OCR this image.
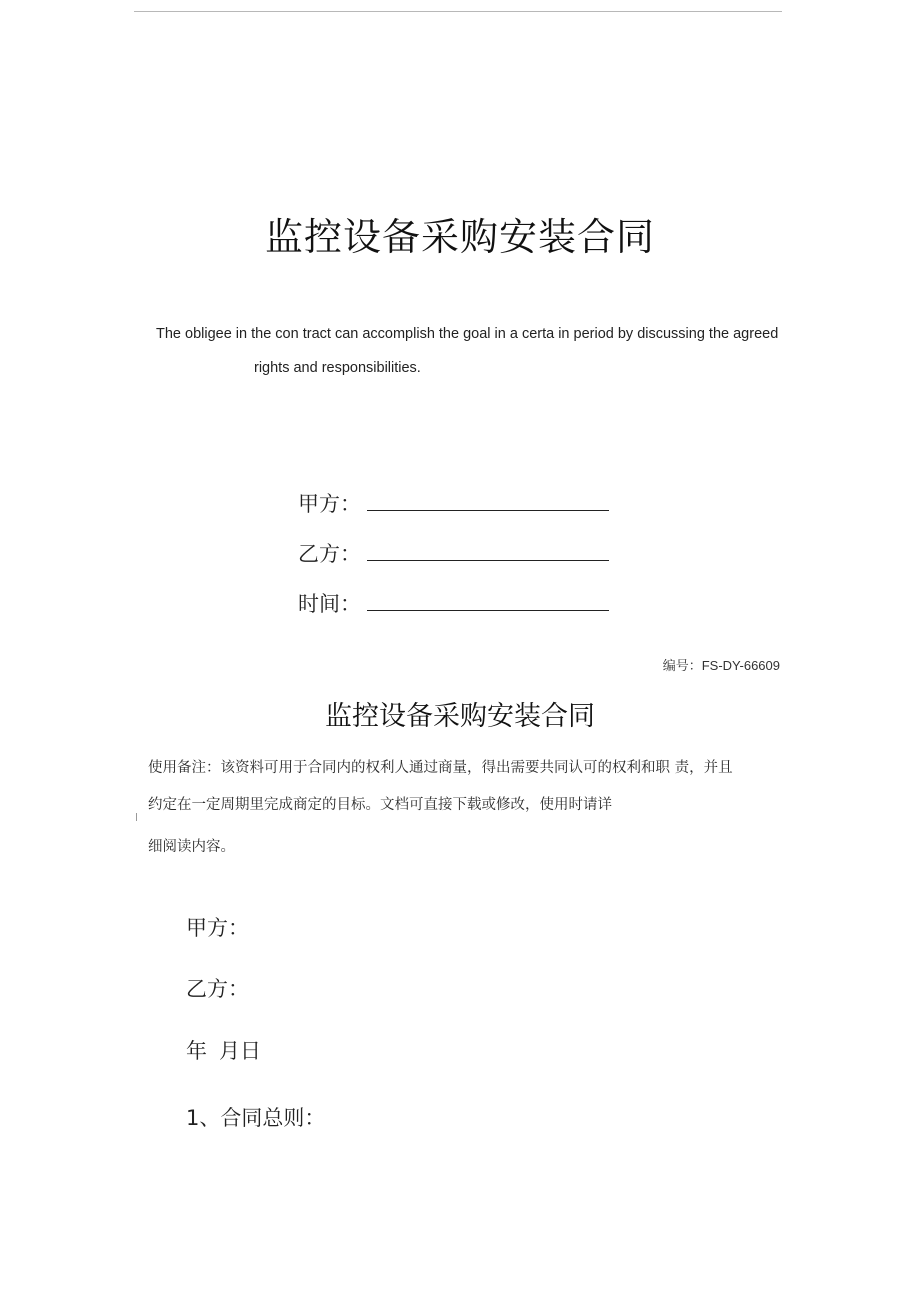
监控设备采购安装合同
The obligee in the con tract can accomplish the goal in a certa in period by discussing the agreed
rights and responsibilities.
甲方：
乙方：
时间：
编号：FS-DY-66609
监控设备采购安装合同
使用备注：该资料可用于合同内的权利人通过商量，得出需要共同认可的权利和职 责，并且
约定在一定周期里完成商定的目标。文档可直接下载或修改，使用时请详
细阅读内容。
甲方：
乙方：
年 月日
1、合同总则：
